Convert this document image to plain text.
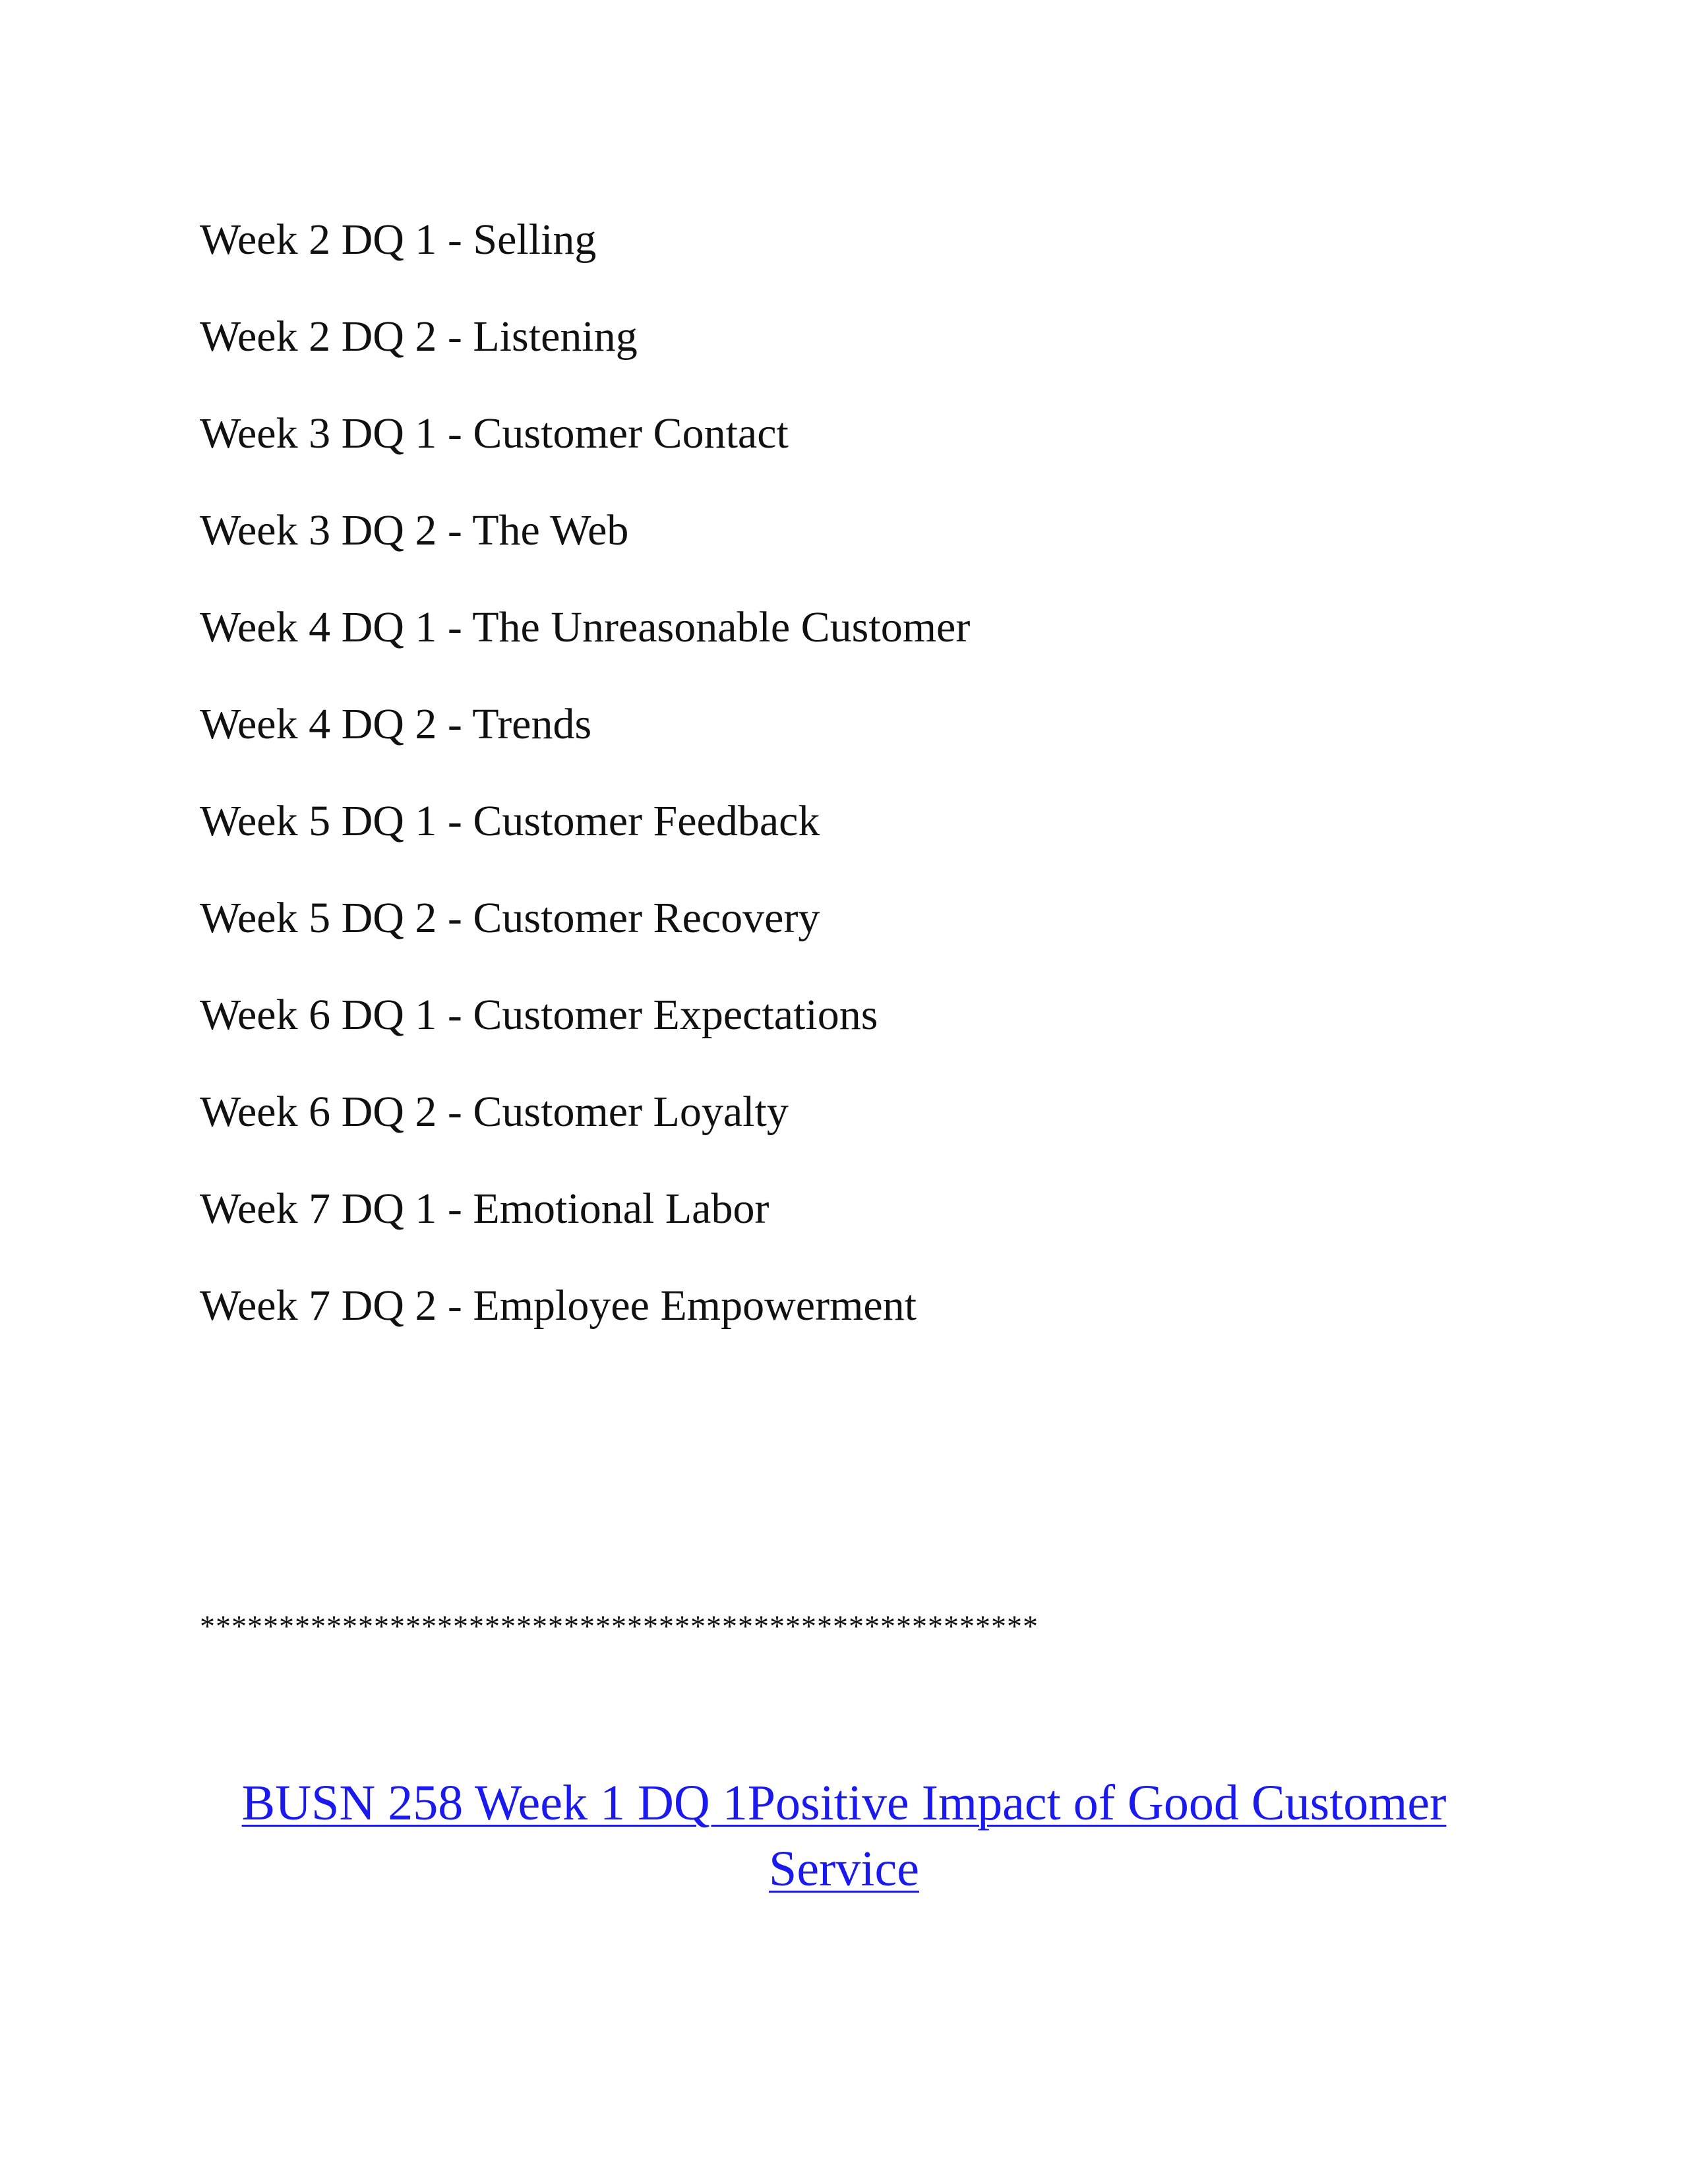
Week 2 DQ 1 - Selling
Week 2 DQ 2 - Listening
Week 3 DQ 1 - Customer Contact
Week 3 DQ 2 - The Web
Week 4 DQ 1 - The Unreasonable Customer
Week 4 DQ 2 - Trends
Week 5 DQ 1 - Customer Feedback
Week 5 DQ 2 - Customer Recovery
Week 6 DQ 1 - Customer Expectations
Week 6 DQ 2 - Customer Loyalty
Week 7 DQ 1 - Emotional Labor
Week 7 DQ 2 - Employee Empowerment
*****************************************************
BUSN 258 Week 1 DQ 1Positive Impact of Good Customer
Service
